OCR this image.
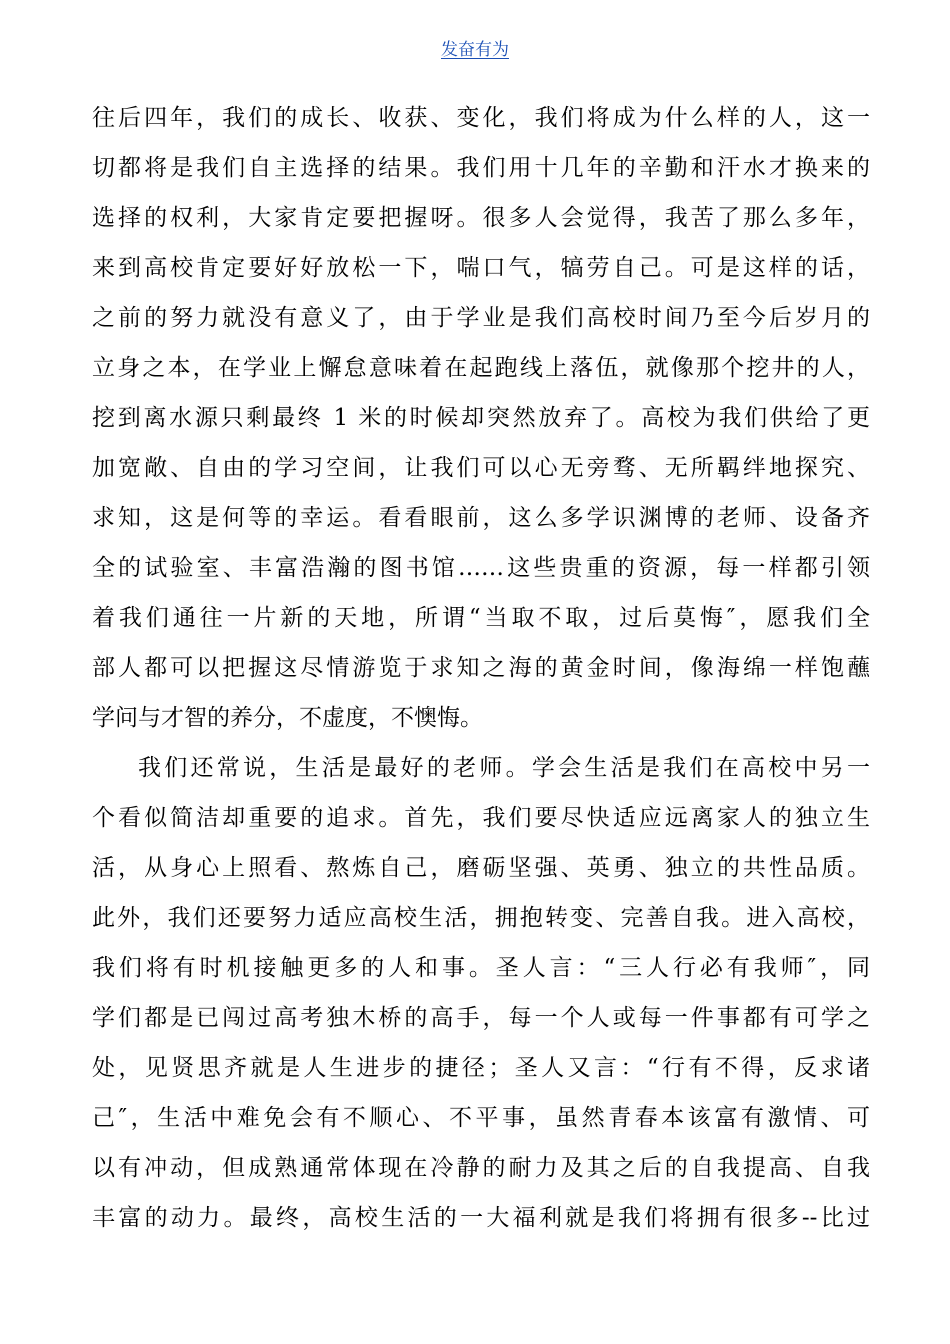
发奋有为
往后四年，我们的成长、收获、变化，我们将成为什么样的人，这一
切都将是我们自主选择的结果。我们用十几年的辛勤和汗水才换来的
选择的权利，大家肯定要把握呀。很多人会觉得，我苦了那么多年，
来到高校肯定要好好放松一下，喘口气，犒劳自己。可是这样的话，
之前的努力就没有意义了，由于学业是我们高校时间乃至今后岁月的
立身之本，在学业上懈怠意味着在起跑线上落伍，就像那个挖井的人，
挖到离水源只剩最终 1 米的时候却突然放弃了。高校为我们供给了更
加宽敞、自由的学习空间，让我们可以心无旁骛、无所羁绊地探究、
求知，这是何等的幸运。看看眼前，这么多学识渊博的老师、设备齐
全的试验室、丰富浩瀚的图书馆……这些贵重的资源，每一样都引领
着我们通往一片新的天地，所谓“当取不取，过后莫悔″，愿我们全
部人都可以把握这尽情游览于求知之海的黄金时间，像海绵一样饱蘸
学问与才智的养分，不虚度，不懊悔。
我们还常说，生活是最好的老师。学会生活是我们在高校中另一
个看似简洁却重要的追求。首先，我们要尽快适应远离家人的独立生
活，从身心上照看、熬炼自己，磨砺坚强、英勇、独立的共性品质。
此外，我们还要努力适应高校生活，拥抱转变、完善自我。进入高校，
我们将有时机接触更多的人和事。圣人言：“三人行必有我师″，同
学们都是已闯过高考独木桥的高手，每一个人或每一件事都有可学之
处，见贤思齐就是人生进步的捷径；圣人又言：“行有不得，反求诸
己″，生活中难免会有不顺心、不平事，虽然青春本该富有激情、可
以有冲动，但成熟通常体现在冷静的耐力及其之后的自我提高、自我
丰富的动力。最终，高校生活的一大福利就是我们将拥有很多--比过
